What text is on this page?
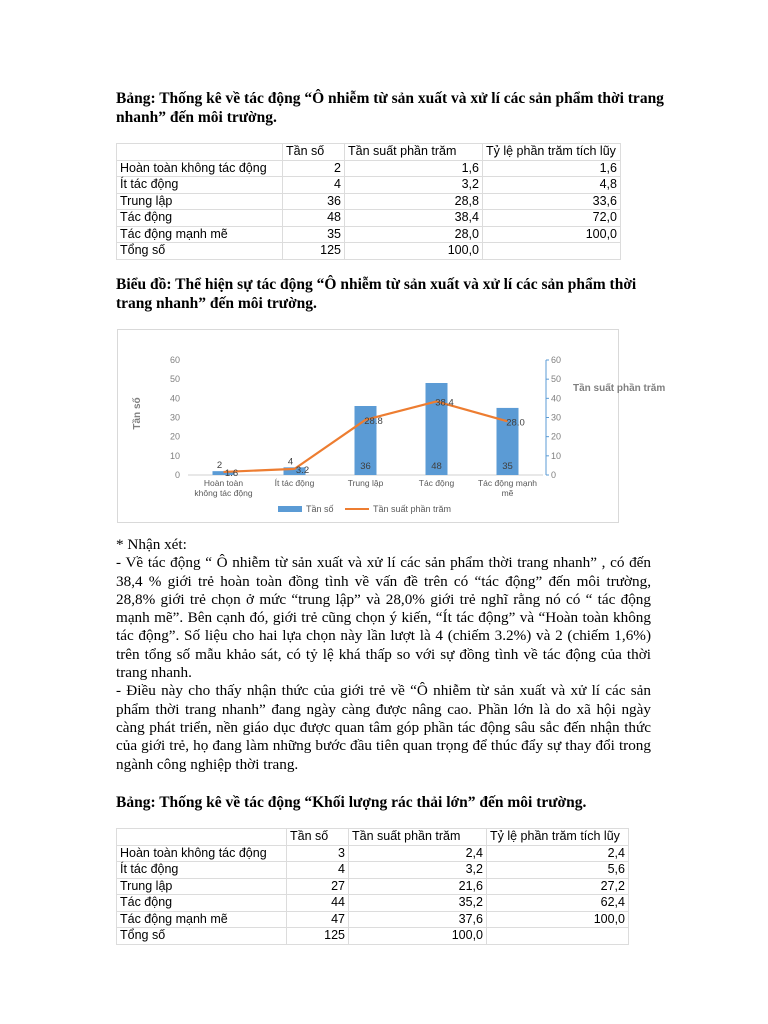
Bảng: Thống kê về tác động “Ô nhiễm từ sản xuất và xử lí các sản phẩm thời trang nhanh” đến môi trường.

	Tần số	Tần suất phần trăm	Tỷ lệ phần trăm tích lũy
Hoàn toàn không tác động	2	1,6	1,6
Ít tác động	4	3,2	4,8
Trung lập	36	28,8	33,6
Tác động	48	38,4	72,0
Tác động mạnh mẽ	35	28,0	100,0
Tổng số	125	100,0	

Biểu đồ: Thể hiện sự tác động “Ô nhiễm từ sản xuất và xử lí các sản phẩm thời trang nhanh” đến môi trường.

0
10
20
30
40
50
60
0
10
20
30
40
50
60
Tần số
Tần suất phần trăm
2	4	36	48	35
1.6	3.2
28.8
38.4
28.0
Hoàn toàn
không tác động
Ít tác động	Trung lập	Tác động	Tác động mạnh
mẽ
Tần số	Tần suất phần trăm

* Nhận xét:

- Về tác động “ Ô nhiễm từ sản xuất và xử lí các sản phẩm thời trang nhanh” , có đến 38,4 % giới trẻ hoàn toàn đồng tình về vấn đề trên có “tác động” đến môi trường, 28,8% giới trẻ chọn ở mức “trung lập” và 28,0% giới trẻ nghĩ rằng nó có “ tác động mạnh mẽ”. Bên cạnh đó, giới trẻ cũng chọn ý kiến, “Ít tác động” và “Hoàn toàn không tác động”. Số liệu cho hai lựa chọn này lần lượt là 4 (chiếm 3.2%) và 2 (chiếm 1,6%) trên tổng số mẫu khảo sát, có tỷ lệ khá thấp so với sự đồng tình về tác động của thời trang nhanh.

- Điều này cho thấy nhận thức của giới trẻ về “Ô nhiễm từ sản xuất và xử lí các sản phẩm thời trang nhanh” đang ngày càng được nâng cao. Phần lớn là do xã hội ngày càng phát triển, nền giáo dục được quan tâm góp phần tác động sâu sắc đến nhận thức của giới trẻ, họ đang làm những bước đầu tiên quan trọng để thúc đẩy sự thay đổi trong ngành công nghiệp thời trang.

Bảng: Thống kê về tác động “Khối lượng rác thải lớn” đến môi trường.

	Tần số	Tần suất phần trăm	Tỷ lệ phần trăm tích lũy
Hoàn toàn không tác động	3	2,4	2,4
Ít tác động	4	3,2	5,6
Trung lập	27	21,6	27,2
Tác động	44	35,2	62,4
Tác động mạnh mẽ	47	37,6	100,0
Tổng số	125	100,0	
